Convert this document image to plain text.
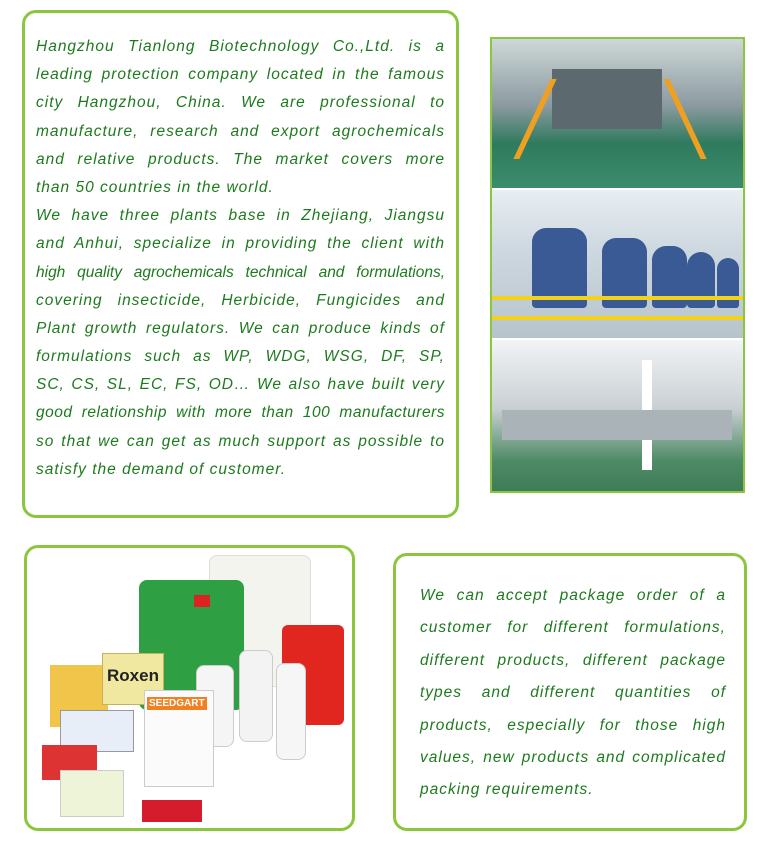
Hangzhou Tianlong Biotechnology Co.,Ltd. is a
leading protection company located in the famous
city Hangzhou, China. We are professional to
manufacture, research and export agrochemicals
and relative products. The market covers more
than 50 countries in the world.
We have three plants base in Zhejiang, Jiangsu
and Anhui, specialize in providing the client with
high quality agrochemicals technical and formulations,
covering insecticide, Herbicide, Fungicides and
Plant growth regulators. We can produce kinds of
formulations such as WP, WDG, WSG, DF, SP,
SC, CS, SL, EC, FS, OD… We also have built very
good relationship with more than 100 manufacturers
so that we can get as much support as possible to
satisfy the demand of customer.
Roxen
SEEDGART
We can accept package order of a
customer for different formulations,
different products, different package
types and different quantities of
products, especially for those high
values, new products and complicated
packing requirements.
